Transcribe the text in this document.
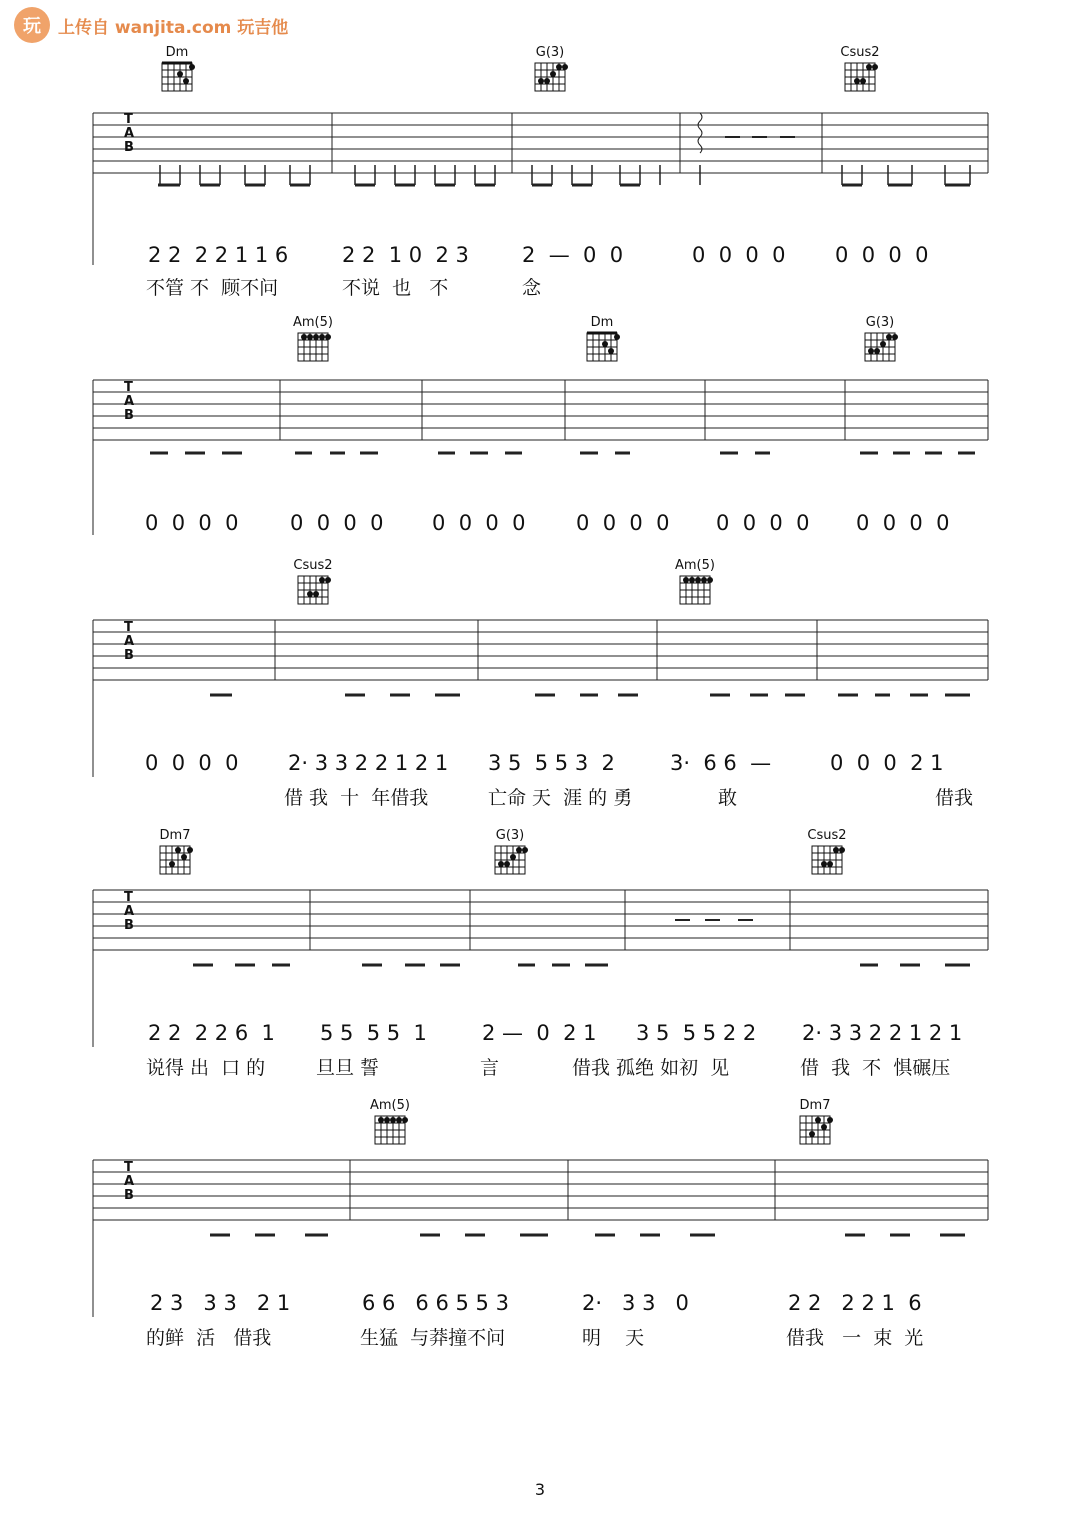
玩	上传自 wanjita.com 玩吉他
Dm	G(3)	Csus2
2 2  2 2 1 1 6	2 2  1 0  2 3	2  —  0  0	0  0  0  0 0  0  0  0
不管 不  顾不问	不说  也   不	念
Am(5)	Dm	G(3)
0  0  0  0 0  0  0  0 0  0  0  0 0  0  0  0 0  0  0  0 0  0  0  0
Csus2	Am(5)
0  0  0  0 2· 3 3 2 2 1 2 1 3 5  5 5 3  2	3·  6 6  —	0  0  0  2 1
借 我  十  年借我	亡命 天  涯 的 勇	敢	借我
Dm7	G(3)	Csus2
2 2  2 2 6  1 5 5  5 5  1	2 —  0  2 1 3 5  5 5 2 2 2· 3 3 2 2 1 2 1
说得 出  口 的	旦旦 誓	言	借我 孤绝 如初  见	借  我  不  惧碾压
Am(5)	Dm7
2 3   3 3   2 1	6 6   6 6 5 5 3	2·   3 3   0	2 2   2 2 1  6
的鲜  活   借我	生猛  与莽撞不问	明    天	借我   一  束  光
T
A
B
T
A
B
T
A
B
T
A
B
T
A
B
3
